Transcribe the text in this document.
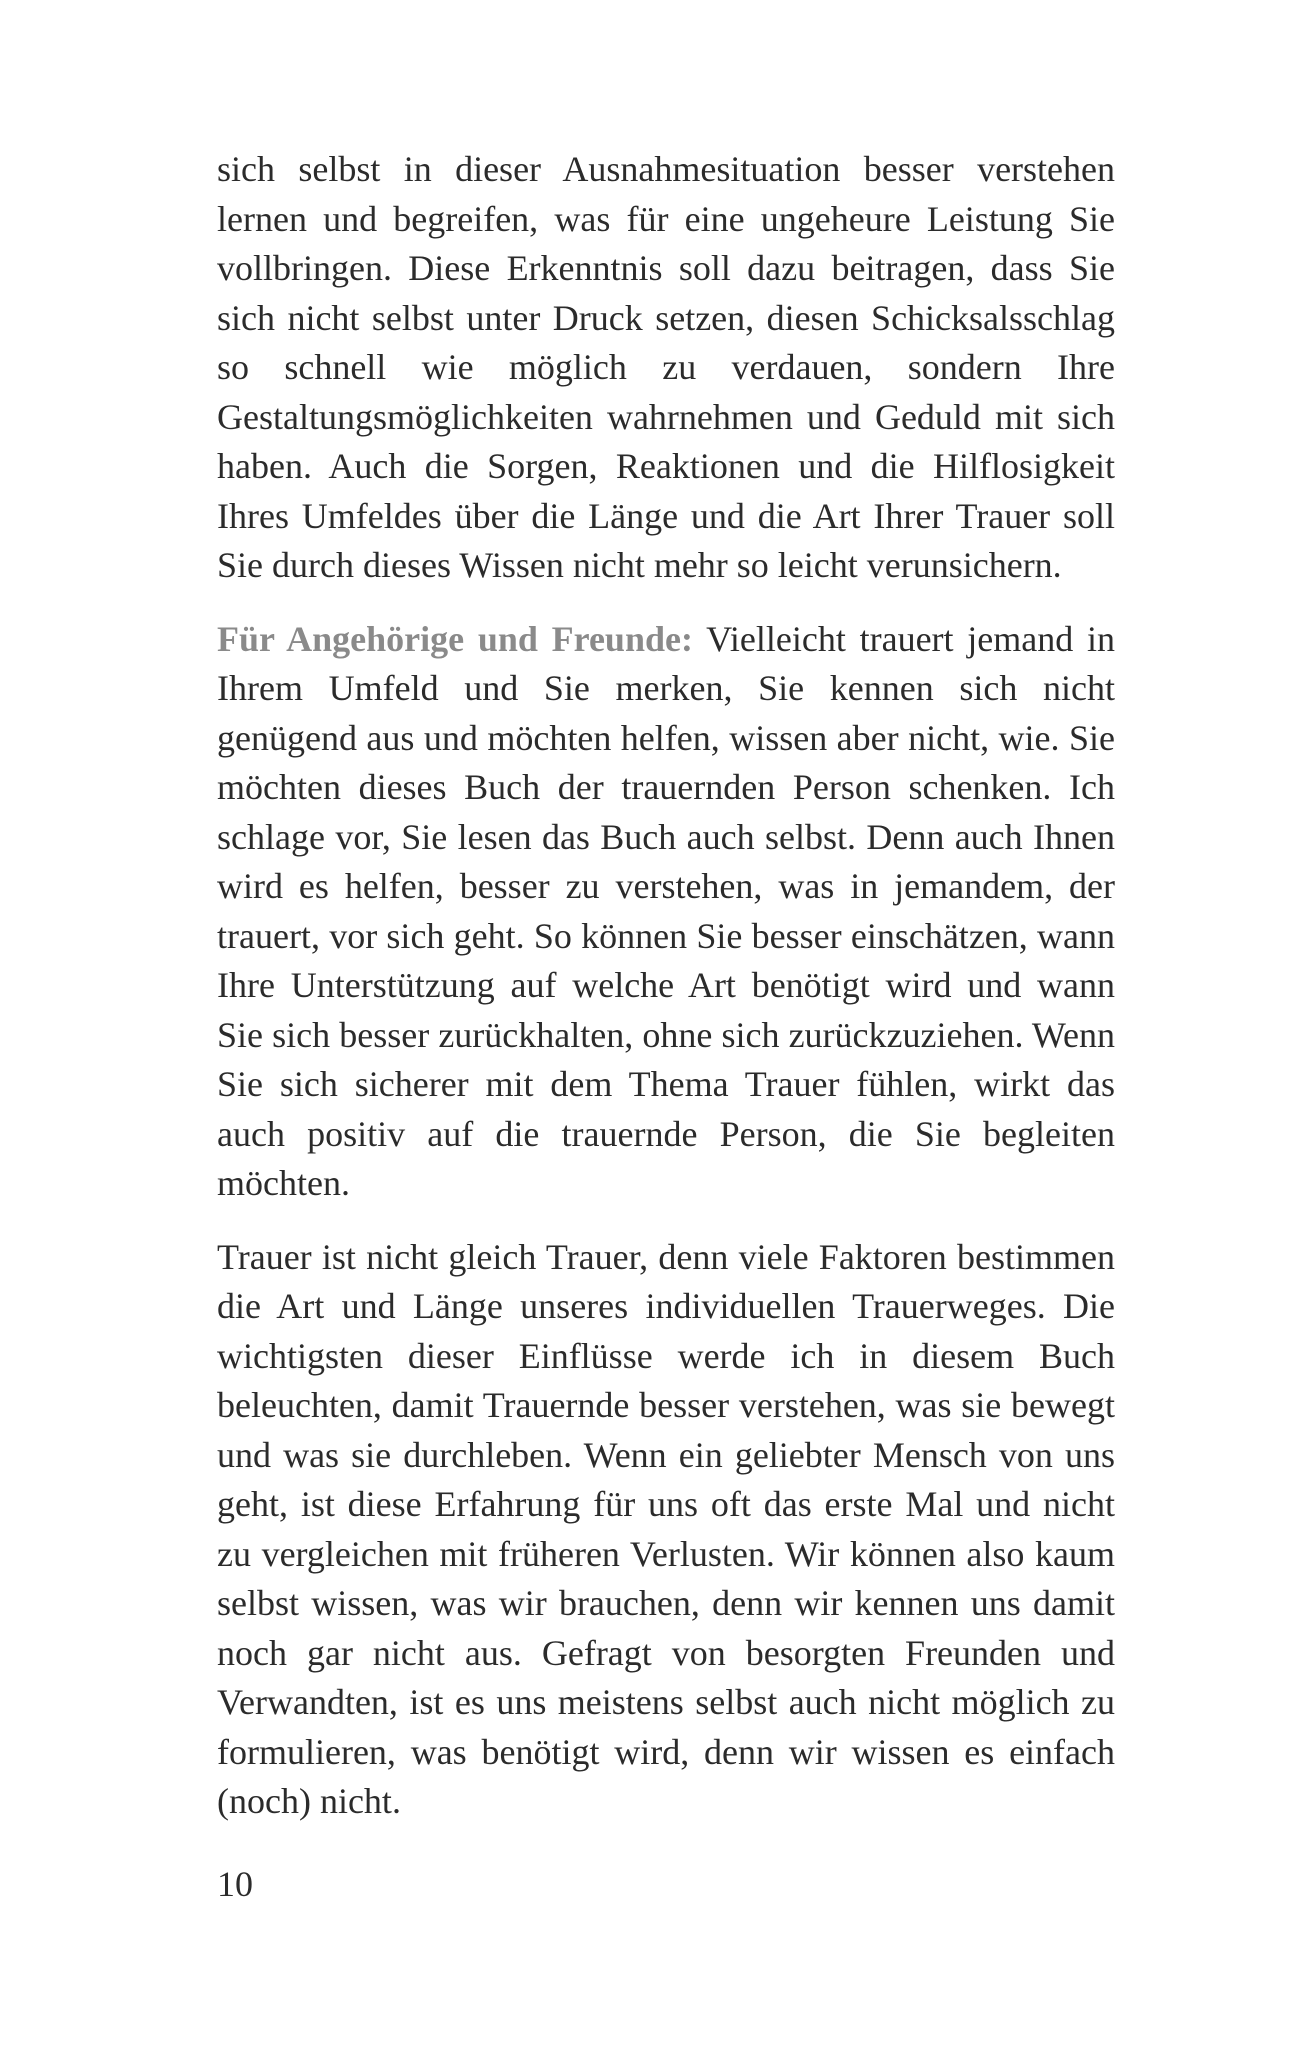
sich selbst in dieser Ausnahmesituation besser verstehen lernen und begreifen, was für eine ungeheure Leistung Sie vollbringen. Diese Erkenntnis soll dazu beitragen, dass Sie sich nicht selbst unter Druck setzen, diesen Schicksalsschlag so schnell wie möglich zu verdauen, sondern Ihre Gestaltungsmöglichkeiten wahrnehmen und Geduld mit sich haben. Auch die Sorgen, Reaktionen und die Hilflosigkeit Ihres Umfeldes über die Länge und die Art Ihrer Trauer soll Sie durch dieses Wissen nicht mehr so leicht verunsichern.

Für Angehörige und Freunde: Vielleicht trauert jemand in Ihrem Umfeld und Sie merken, Sie kennen sich nicht genügend aus und möchten helfen, wissen aber nicht, wie. Sie möchten dieses Buch der trauernden Person schenken. Ich schlage vor, Sie lesen das Buch auch selbst. Denn auch Ihnen wird es helfen, besser zu verstehen, was in jemandem, der trauert, vor sich geht. So können Sie besser einschätzen, wann Ihre Unterstützung auf welche Art benötigt wird und wann Sie sich besser zurückhalten, ohne sich zurückzuziehen. Wenn Sie sich sicherer mit dem Thema Trauer fühlen, wirkt das auch positiv auf die trauernde Person, die Sie begleiten möchten.

Trauer ist nicht gleich Trauer, denn viele Faktoren bestimmen die Art und Länge unseres individuellen Trauerweges. Die wichtigsten dieser Einflüsse werde ich in diesem Buch beleuchten, damit Trauernde besser verstehen, was sie bewegt und was sie durchleben. Wenn ein geliebter Mensch von uns geht, ist diese Erfahrung für uns oft das erste Mal und nicht zu vergleichen mit früheren Verlusten. Wir können also kaum selbst wissen, was wir brauchen, denn wir kennen uns damit noch gar nicht aus. Gefragt von besorgten Freunden und Verwandten, ist es uns meistens selbst auch nicht möglich zu formulieren, was benötigt wird, denn wir wissen es einfach (noch) nicht.

10
